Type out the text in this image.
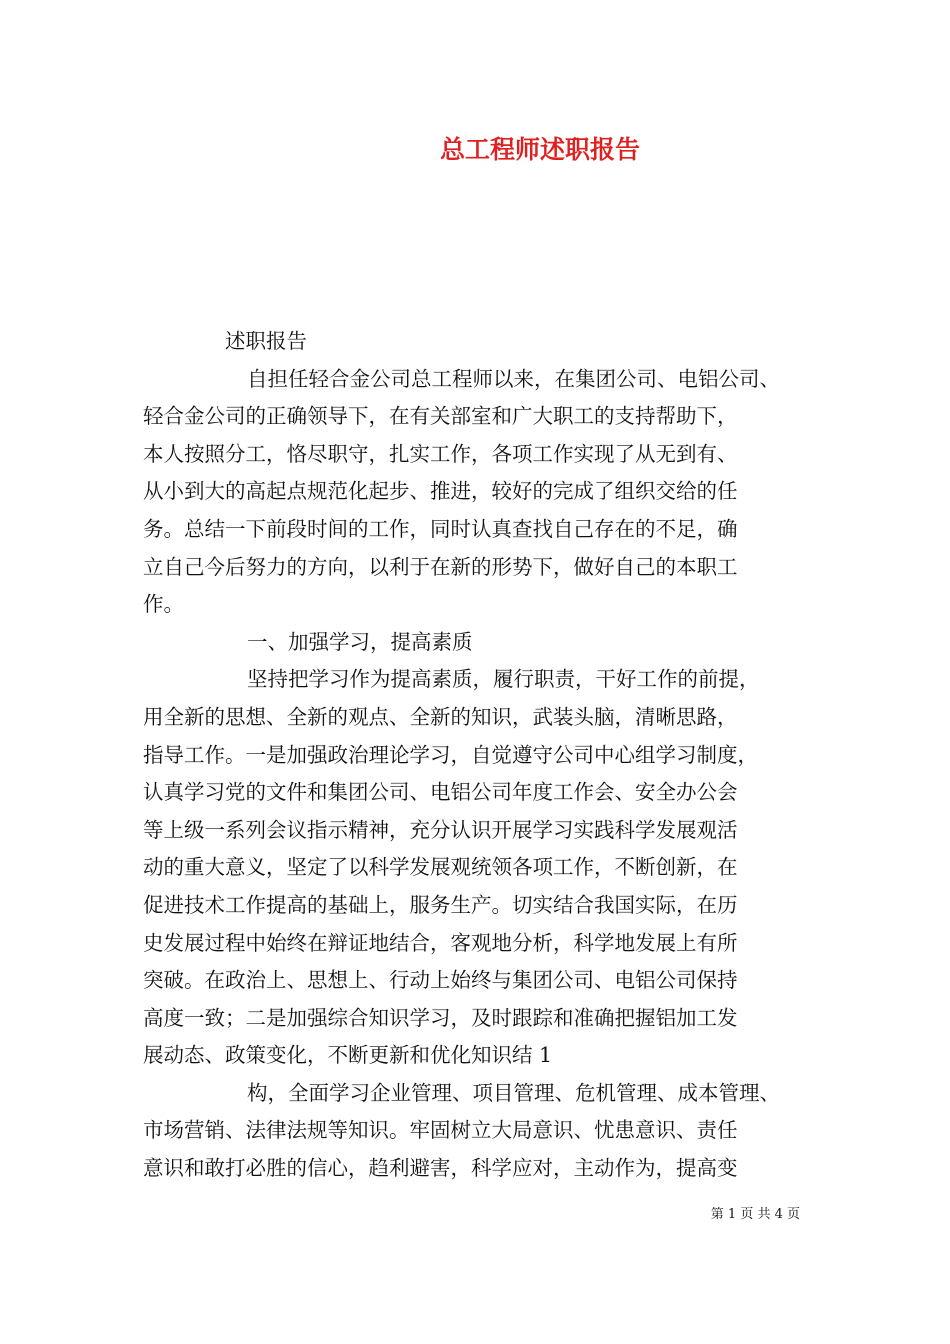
总工程师述职报告
述职报告
自担任轻合金公司总工程师以来，在集团公司、电铝公司、
轻合金公司的正确领导下，在有关部室和广大职工的支持帮助下，
本人按照分工，恪尽职守，扎实工作，各项工作实现了从无到有、
从小到大的高起点规范化起步、推进，较好的完成了组织交给的任
务。总结一下前段时间的工作，同时认真查找自己存在的不足，确
立自己今后努力的方向，以利于在新的形势下，做好自己的本职工
作。
一、加强学习，提高素质
坚持把学习作为提高素质，履行职责，干好工作的前提，
用全新的思想、全新的观点、全新的知识，武装头脑，清晰思路，
指导工作。一是加强政治理论学习，自觉遵守公司中心组学习制度，
认真学习党的文件和集团公司、电铝公司年度工作会、安全办公会
等上级一系列会议指示精神，充分认识开展学习实践科学发展观活
动的重大意义，坚定了以科学发展观统领各项工作，不断创新，在
促进技术工作提高的基础上，服务生产。切实结合我国实际，在历
史发展过程中始终在辩证地结合，客观地分析，科学地发展上有所
突破。在政治上、思想上、行动上始终与集团公司、电铝公司保持
高度一致；二是加强综合知识学习，及时跟踪和准确把握铝加工发
展动态、政策变化，不断更新和优化知识结 1
构，全面学习企业管理、项目管理、危机管理、成本管理、
市场营销、法律法规等知识。牢固树立大局意识、忧患意识、责任
意识和敢打必胜的信心，趋利避害，科学应对，主动作为，提高变
第 1 页 共 4 页
